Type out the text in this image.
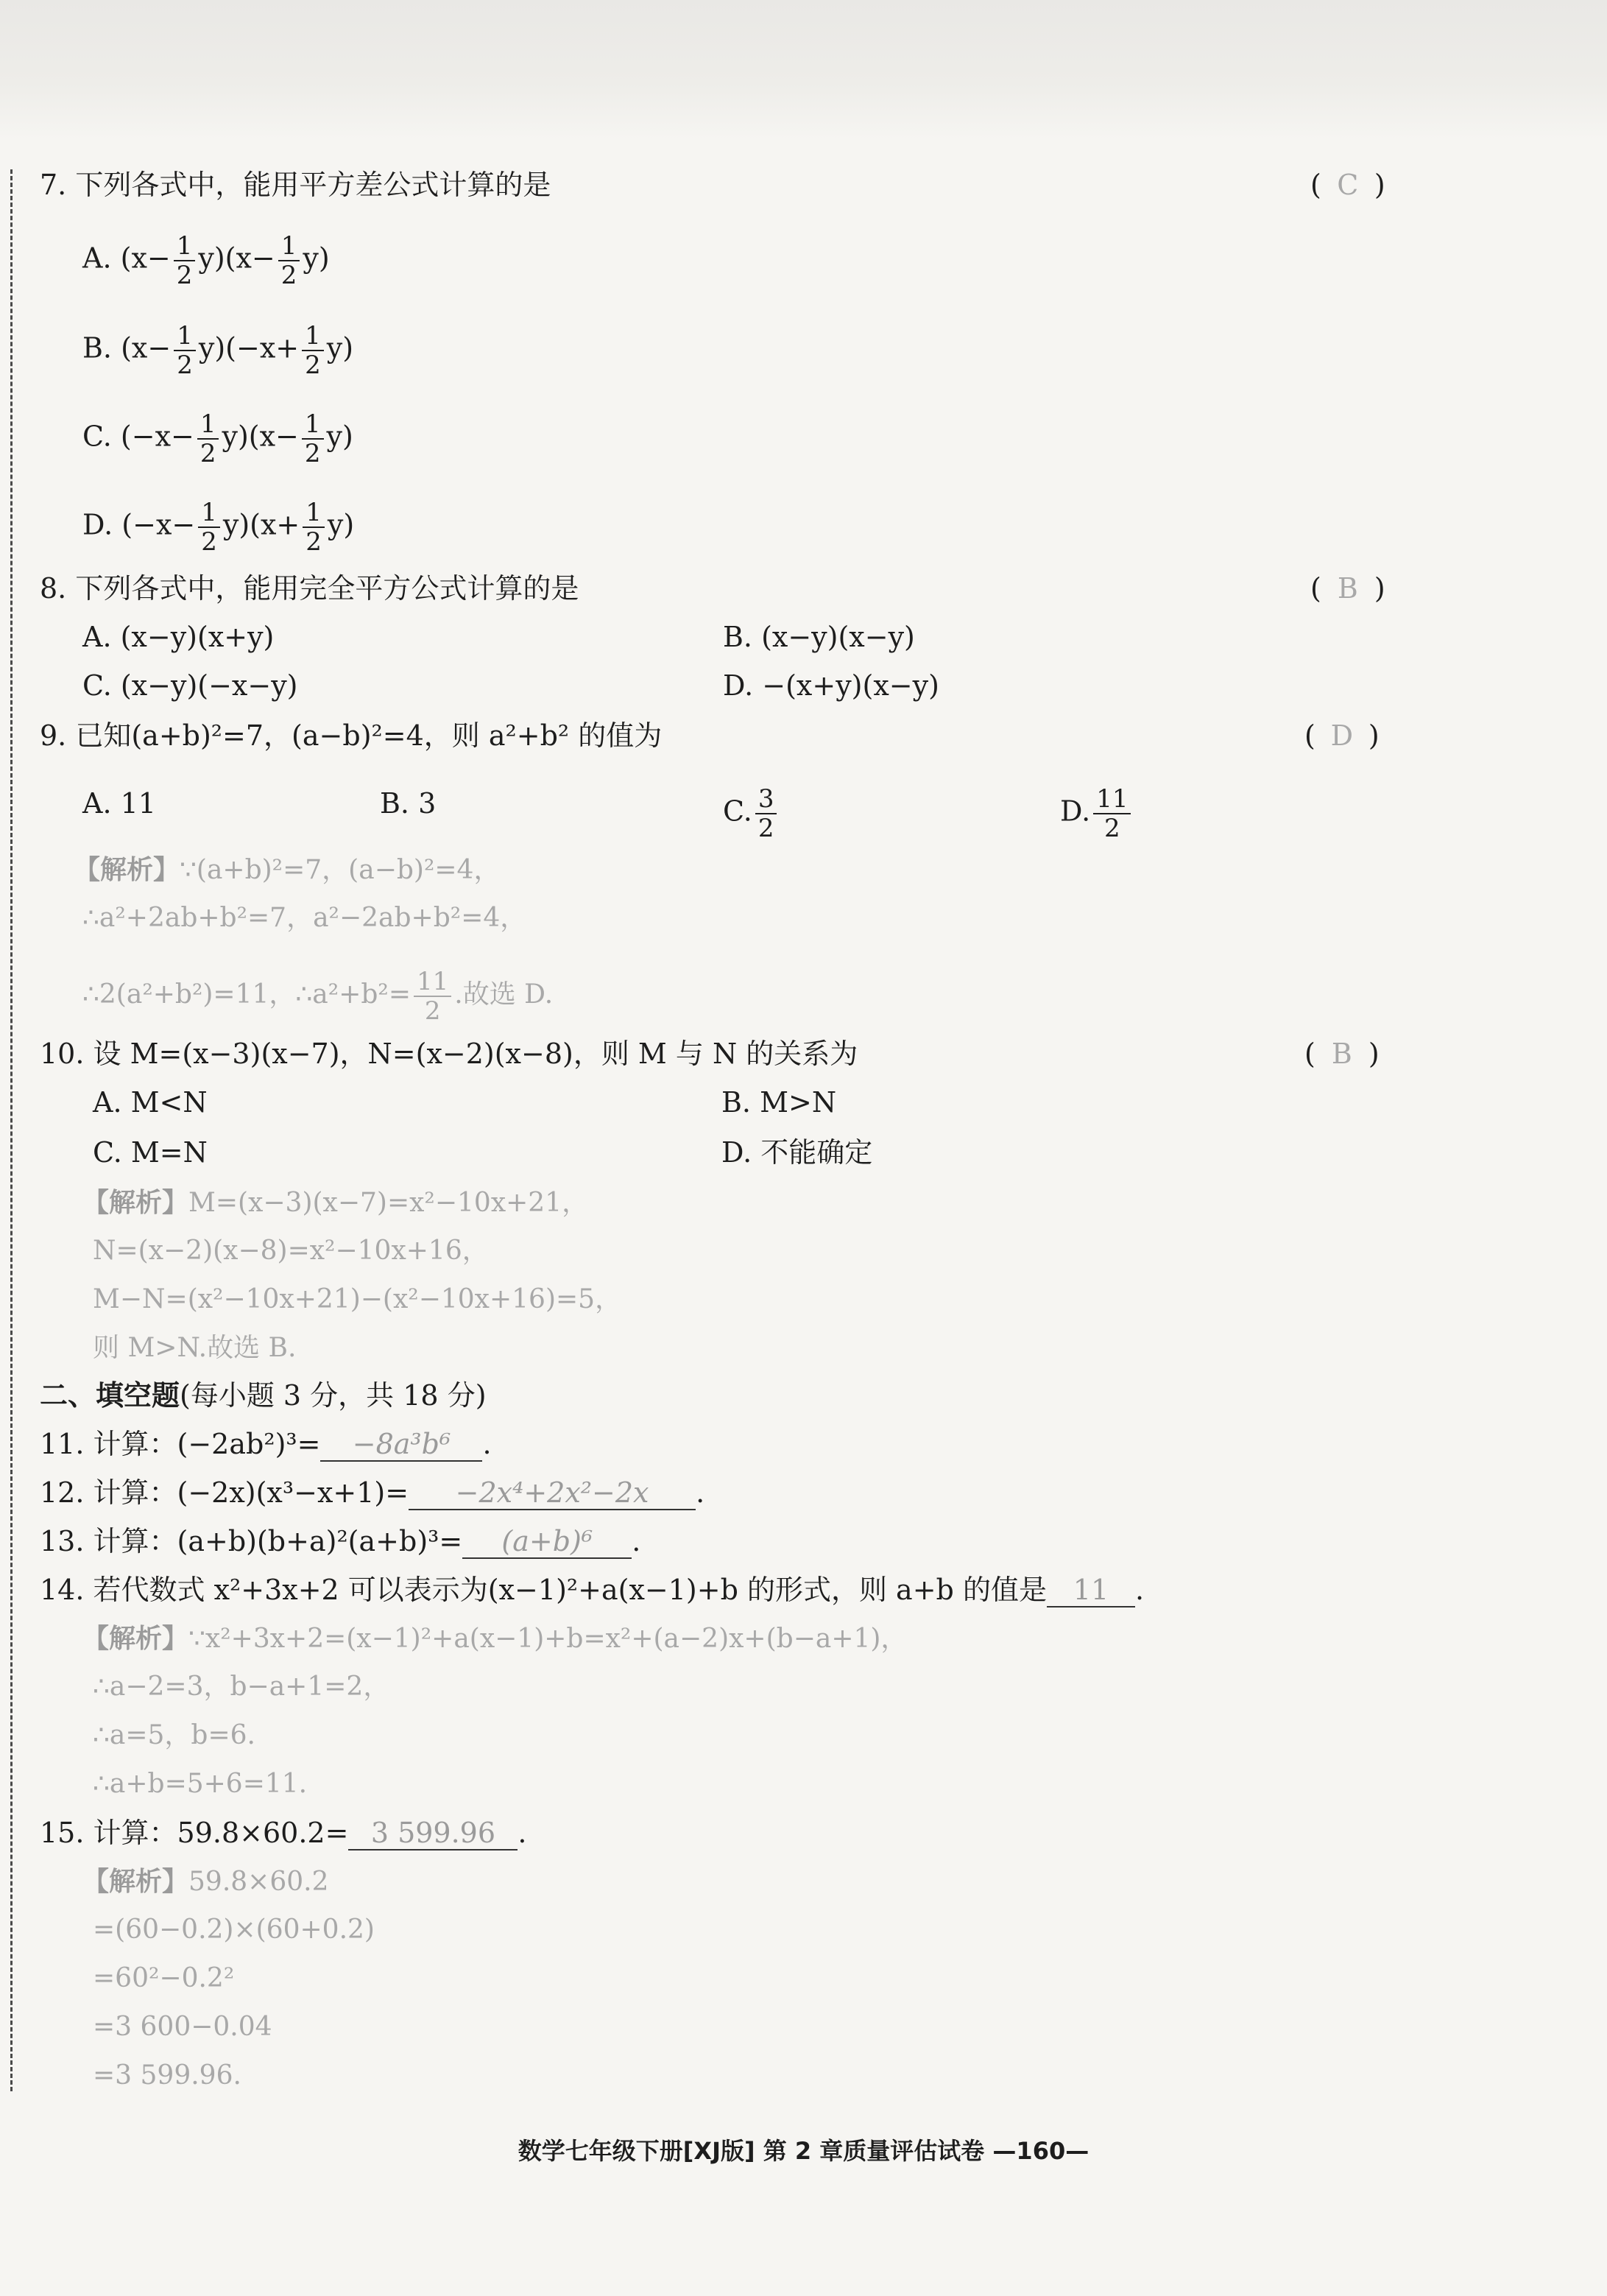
7. 下列各式中，能用平方差公式计算的是	( C )
A. $(x- \frac{1}{2} y)(x- \frac{1}{2} y)$
B. $(x- \frac{1}{2} y)(-x+ \frac{1}{2} y)$
C. $(-x- \frac{1}{2} y)(x- \frac{1}{2} y)$
D. $(-x- \frac{1}{2} y)(x+ \frac{1}{2} y)$
8. 下列各式中，能用完全平方公式计算的是	( B )
A. (x−y)(x+y)	B. (x−y)(x−y)
C. (x−y)(−x−y)	D. −(x+y)(x−y)
9. 已知(a+b)²=7，(a−b)²=4，则 a²+b² 的值为	( D )
A. 11	B. 3	C. $\frac{3}{2}$	D. $\frac{11}{2}$
【解析】∵(a+b)²=7，(a−b)²=4，
∴a²+2ab+b²=7，a²−2ab+b²=4，
∴2(a²+b²)=11，∴a²+b²= $\frac{11}{2}$ .故选 D.
10. 设 M=(x−3)(x−7)，N=(x−2)(x−8)，则 M 与 N 的关系为	( B )
A. M<N	B. M>N
C. M=N	D. 不能确定
【解析】M=(x−3)(x−7)=x²−10x+21，
N=(x−2)(x−8)=x²−10x+16，
M−N=(x²−10x+21)−(x²−10x+16)=5，
则 M>N.故选 B.
二、填空题(每小题 3 分，共 18 分)
11. 计算：(−2ab²)³= −8a³b⁶ .
12. 计算：(−2x)(x³−x+1)= −2x⁴+2x²−2x .
13. 计算：(a+b)(b+a)²(a+b)³= (a+b)⁶ .
14. 若代数式 x²+3x+2 可以表示为(x−1)²+a(x−1)+b 的形式，则 a+b 的值是 11 .
【解析】∵x²+3x+2=(x−1)²+a(x−1)+b=x²+(a−2)x+(b−a+1)，
∴a−2=3，b−a+1=2，
∴a=5，b=6.
∴a+b=5+6=11.
15. 计算：59.8×60.2= 3 599.96 .
【解析】59.8×60.2
=(60−0.2)×(60+0.2)
=60²−0.2²
=3 600−0.04
=3 599.96.
数学七年级下册[XJ版] 第 2 章质量评估试卷 —160—
